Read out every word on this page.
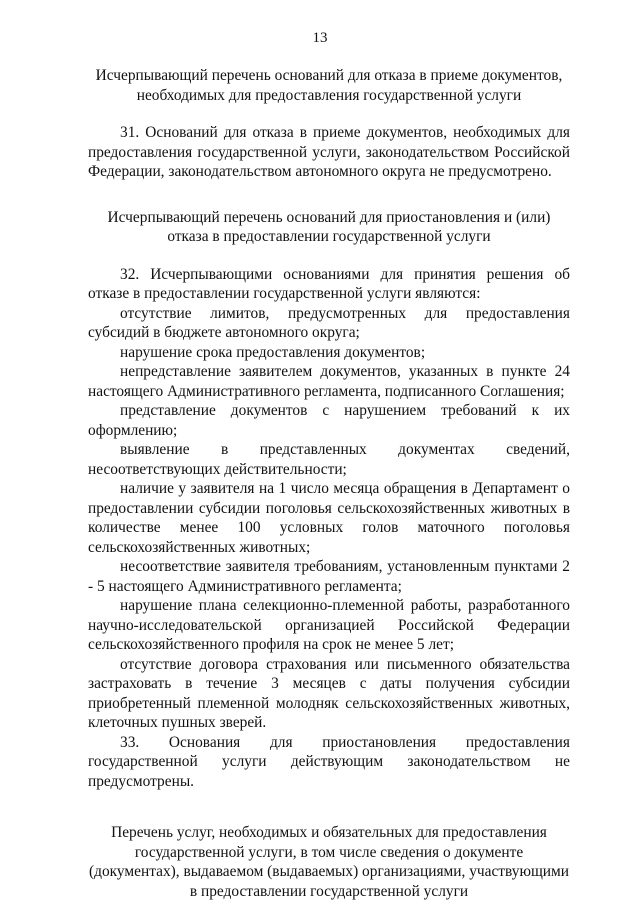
13

Исчерпывающий перечень оснований для отказа в приеме документов, необходимых для предоставления государственной услуги

31. Оснований для отказа в приеме документов, необходимых для предоставления государственной услуги, законодательством Российской Федерации, законодательством автономного округа не предусмотрено.

Исчерпывающий перечень оснований для приостановления и (или) отказа в предоставлении государственной услуги

32. Исчерпывающими основаниями для принятия решения об отказе в предоставлении государственной услуги являются:

отсутствие лимитов, предусмотренных для предоставления субсидий в бюджете автономного округа;

нарушение срока предоставления документов;

непредставление заявителем документов, указанных в пункте 24 настоящего Административного регламента, подписанного Соглашения;

представление документов с нарушением требований к их оформлению;

выявление в представленных документах сведений, несоответствующих действительности;

наличие у заявителя на 1 число месяца обращения в Департамент о предоставлении субсидии поголовья сельскохозяйственных животных в количестве менее 100 условных голов маточного поголовья сельскохозяйственных животных;

несоответствие заявителя требованиям, установленным пунктами 2 - 5 настоящего Административного регламента;

нарушение плана селекционно-племенной работы, разработанного научно-исследовательской организацией Российской Федерации сельскохозяйственного профиля на срок не менее 5 лет;

отсутствие договора страхования или письменного обязательства застраховать в течение 3 месяцев с даты получения субсидии приобретенный племенной молодняк сельскохозяйственных животных, клеточных пушных зверей.

33. Основания для приостановления предоставления государственной услуги действующим законодательством не предусмотрены.

Перечень услуг, необходимых и обязательных для предоставления государственной услуги, в том числе сведения о документе (документах), выдаваемом (выдаваемых) организациями, участвующими в предоставлении государственной услуги
